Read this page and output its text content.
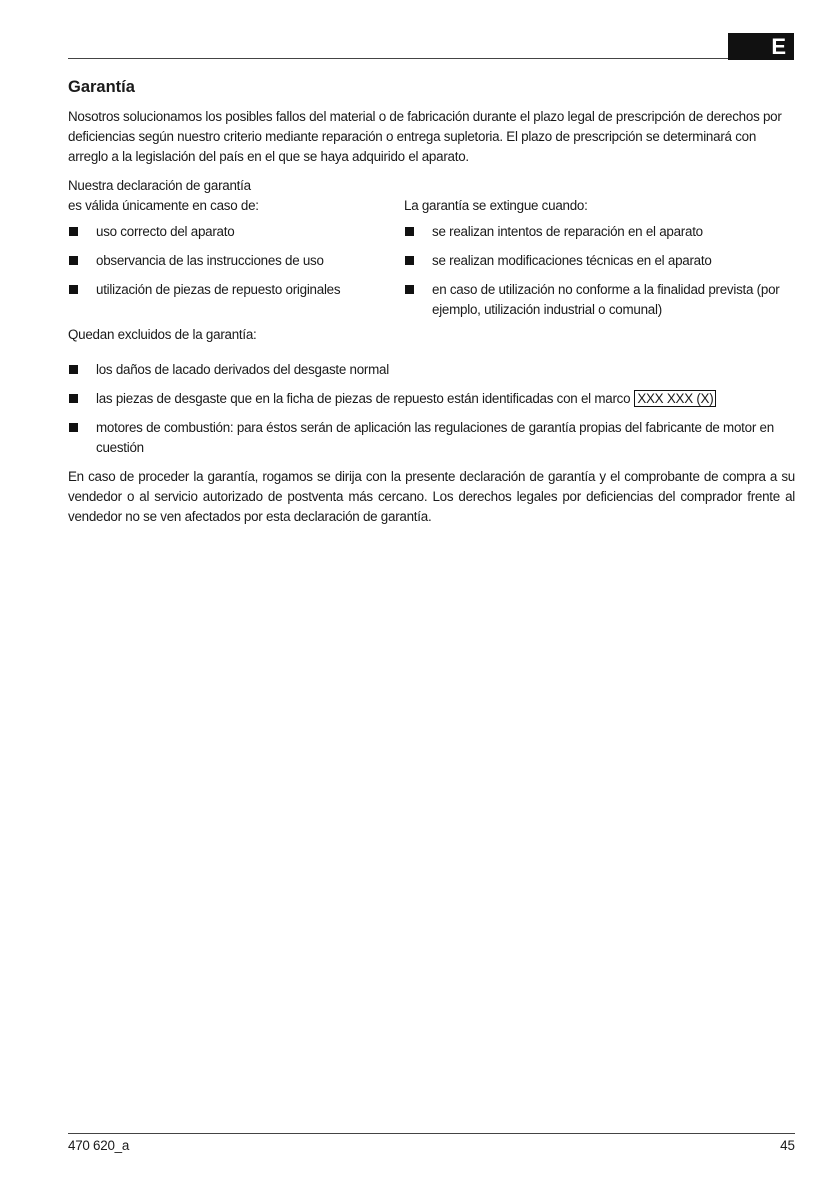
E
Garantía

Nosotros solucionamos los posibles fallos del material o de fabricación durante el plazo legal de prescripción de derechos por deficiencias según nuestro criterio mediante reparación o entrega supletoria. El plazo de prescripción se determinará con arreglo a la legislación del país en el que se haya adquirido el aparato.

Nuestra declaración de garantía
es válida únicamente en caso de:
uso correcto del aparato
observancia de las instrucciones de uso
utilización de piezas de repuesto originales
La garantía se extingue cuando:
se realizan intentos de reparación en el aparato
se realizan modificaciones técnicas en el aparato
en caso de utilización no conforme a la finalidad prevista (por ejemplo, utilización industrial o comunal)

Quedan excluidos de la garantía:

los daños de lacado derivados del desgaste normal
las piezas de desgaste que en la ficha de piezas de repuesto están identificadas con el marco XXX XXX (X)
motores de combustión: para éstos serán de aplicación las regulaciones de garantía propias del fabricante de motor en cuestión

En caso de proceder la garantía, rogamos se dirija con la presente declaración de garantía y el comprobante de compra a su vendedor o al servicio autorizado de postventa más cercano. Los derechos legales por deficiencias del comprador frente al vendedor no se ven afectados por esta declaración de garantía.

470 620_a	45
